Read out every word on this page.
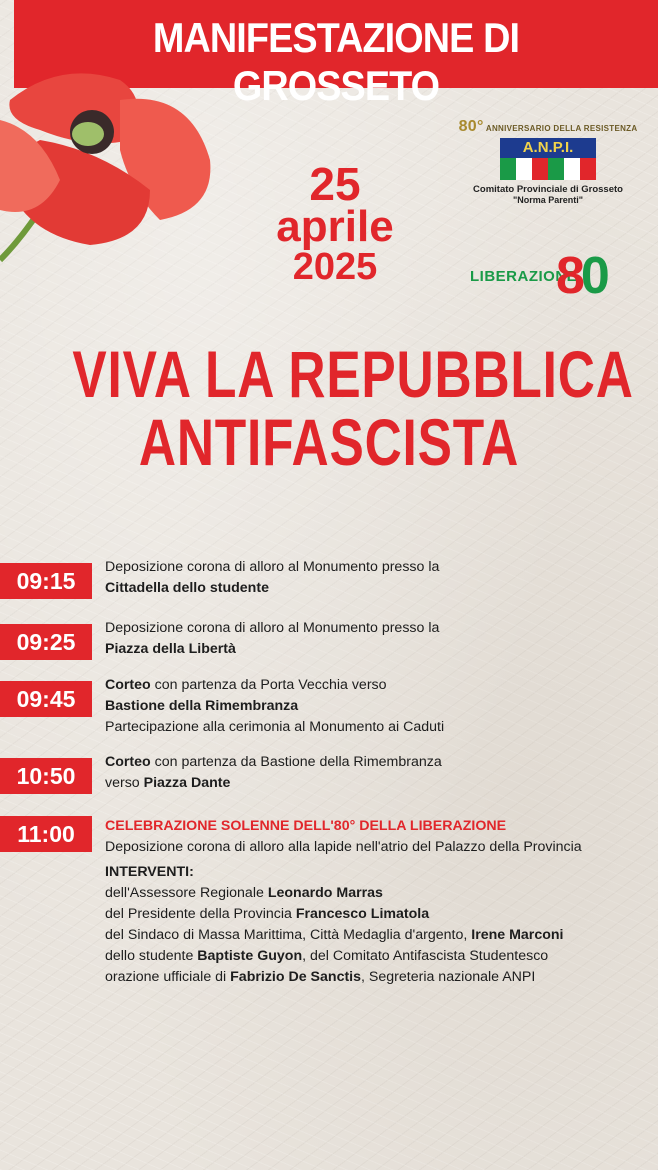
MANIFESTAZIONE DI GROSSETO
25
aprile
2025
80° ANNIVERSARIO DELLA RESISTENZA
A.N.P.I.
Comitato Provinciale di Grosseto
"Norma Parenti"
LIBERAZIONE
80
VIVA LA REPUBBLICA
ANTIFASCISTA
09:15
Deposizione corona di alloro al Monumento presso la
Cittadella dello studente
09:25
Deposizione corona di alloro al Monumento presso la
Piazza della Libertà
09:45
Corteo con partenza da Porta Vecchia verso
Bastione della Rimembranza
Partecipazione alla cerimonia al Monumento ai Caduti
10:50
Corteo con partenza da Bastione della Rimembranza
verso Piazza Dante
11:00	CELEBRAZIONE SOLENNE DELL'80° DELLA LIBERAZIONE
Deposizione corona di alloro alla lapide nell'atrio del Palazzo della Provincia
INTERVENTI:
dell'Assessore Regionale Leonardo Marras
del Presidente della Provincia Francesco Limatola
del Sindaco di Massa Marittima, Città Medaglia d'argento, Irene Marconi
dello studente Baptiste Guyon, del Comitato Antifascista Studentesco
orazione ufficiale di Fabrizio De Sanctis, Segreteria nazionale ANPI
